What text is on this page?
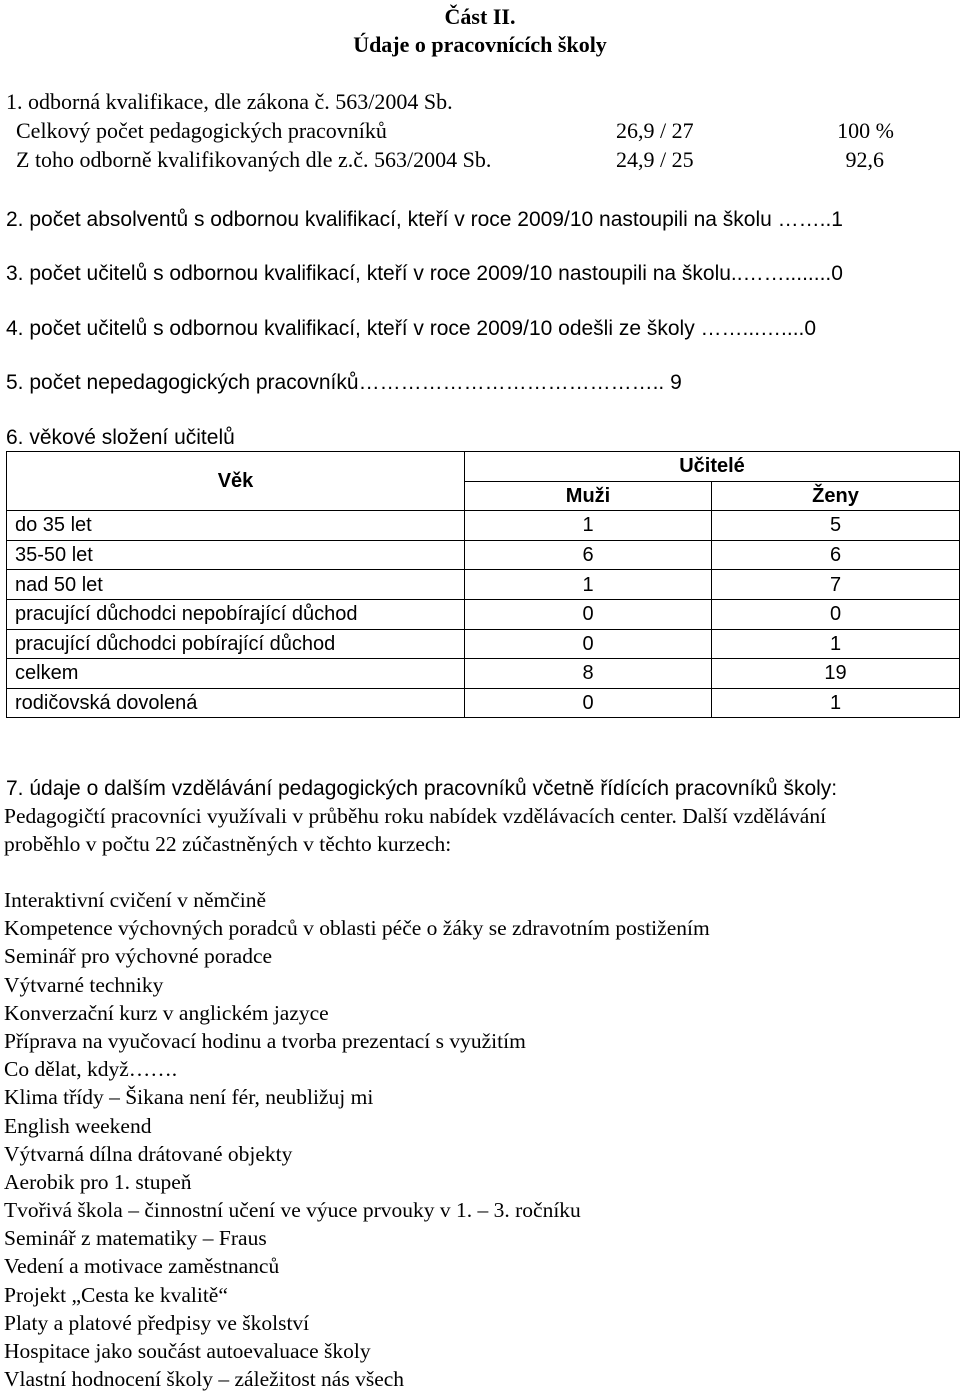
Část II.
Údaje o pracovnících školy
1. odborná kvalifikace, dle zákona č. 563/2004 Sb.
Celkový počet pedagogických pracovníků	26,9 / 27	100 %
Z toho odborně kvalifikovaných dle z.č. 563/2004 Sb.	24,9 / 25	92,6
2. počet absolventů s odbornou kvalifikací, kteří v roce 2009/10 nastoupili na školu ……..1
3. počet učitelů s odbornou kvalifikací, kteří v roce 2009/10 nastoupili na školu..……........0
4. počet učitelů s odbornou kvalifikací, kteří v roce 2009/10 odešli ze školy ……...…....0
5. počet nepedagogických pracovníků…………………………………….. 9
6. věkové složení učitelů
Věk	Učitelé	
	Muži	Ženy
do 35 let	1	5
35-50 let	6	6
nad 50 let	1	7
pracující důchodci nepobírající důchod	0	0
pracující důchodci pobírající důchod	0	1
celkem	8	19
rodičovská dovolená	0	1
7. údaje o dalším vzdělávání pedagogických pracovníků včetně řídících pracovníků školy:
Pedagogičtí pracovníci využívali v průběhu roku nabídek vzdělávacích center. Další vzdělávání
proběhlo v počtu 22 zúčastněných v těchto kurzech:
Interaktivní cvičení v němčině
Kompetence výchovných poradců v oblasti péče o žáky se zdravotním postižením
Seminář pro výchovné poradce
Výtvarné techniky
Konverzační kurz v anglickém jazyce
Příprava na vyučovací hodinu a tvorba prezentací s využitím
Co dělat, když…….
Klima třídy – Šikana není fér, neubližuj mi
English weekend
Výtvarná dílna drátované objekty
Aerobik pro 1. stupeň
Tvořivá škola – činnostní učení ve výuce prvouky v 1. – 3. ročníku
Seminář z matematiky – Fraus
Vedení a motivace zaměstnanců
Projekt „Cesta ke kvalitě“
Platy a platové předpisy ve školství
Hospitace jako součást autoevaluace školy
Vlastní hodnocení školy – záležitost nás všech
